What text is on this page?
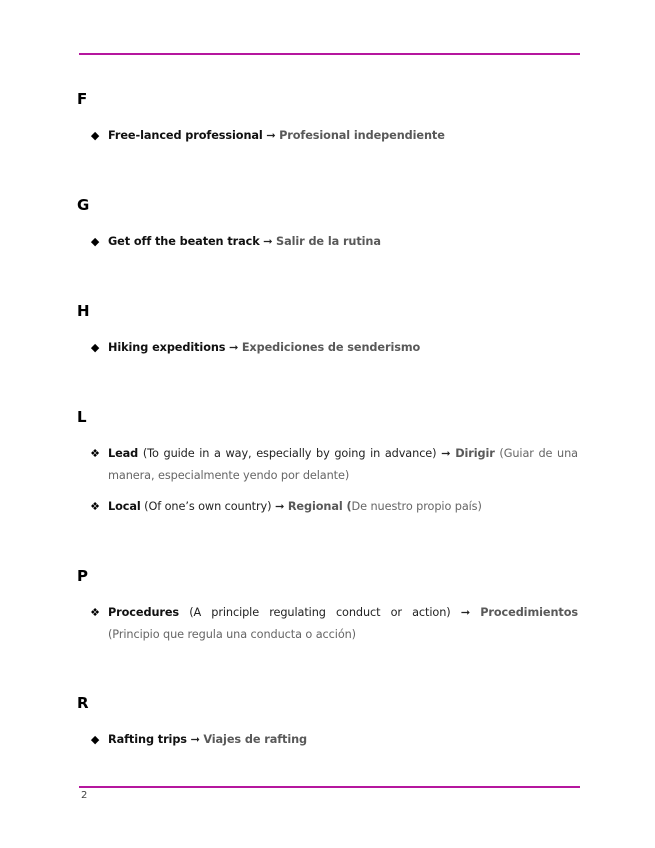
F
◆ Free-lanced professional ➞ Profesional independiente
G
◆ Get off the beaten track ➞ Salir de la rutina
H
◆ Hiking expeditions ➞ Expediciones de senderismo
L
❖ Lead (To guide in a way, especially by going in advance) ➞ Dirigir (Guiar de una manera, especialmente yendo por delante)
❖ Local (Of one’s own country) ➞ Regional (De nuestro propio país)
P
❖ Procedures (A principle regulating conduct or action) ➞ Procedimientos (Principio que regula una conducta o acción)
R
◆ Rafting trips ➞ Viajes de rafting
2
